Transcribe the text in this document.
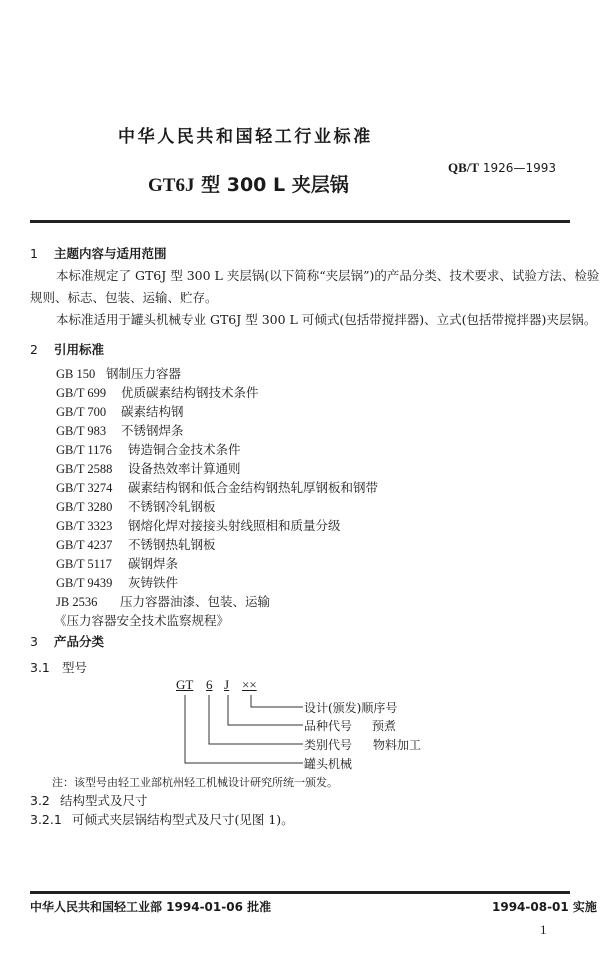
中华人民共和国轻工行业标准
QB/T 1926—1993
GT6J 型 300 L 夹层锅
1 主题内容与适用范围
本标准规定了 GT6J 型 300 L 夹层锅(以下简称“夹层锅”)的产品分类、技术要求、试验方法、检验
规则、标志、包装、运输、贮存。
本标准适用于罐头机械专业 GT6J 型 300 L 可倾式(包括带搅拌器)、立式(包括带搅拌器)夹层锅。
2 引用标准
GB 150 钢制压力容器
GB/T 699 优质碳素结构钢技术条件
GB/T 700 碳素结构钢
GB/T 983 不锈钢焊条
GB/T 1176 铸造铜合金技术条件
GB/T 2588 设备热效率计算通则
GB/T 3274 碳素结构钢和低合金结构钢热轧厚钢板和钢带
GB/T 3280 不锈钢冷轧钢板
GB/T 3323 钢熔化焊对接接头射线照相和质量分级
GB/T 4237 不锈钢热轧钢板
GB/T 5117 碳钢焊条
GB/T 9439 灰铸铁件
JB 2536 压力容器油漆、包装、运输
《压力容器安全技术监察规程》
3 产品分类
3.1 型号
GT 6 J ××
设计(颁发)顺序号
品种代号 预煮
类别代号 物料加工
罐头机械
注：该型号由轻工业部杭州轻工机械设计研究所统一颁发。
3.2 结构型式及尺寸
3.2.1 可倾式夹层锅结构型式及尺寸(见图 1)。
中华人民共和国轻工业部 1994-01-06 批准	1994-08-01 实施
1
